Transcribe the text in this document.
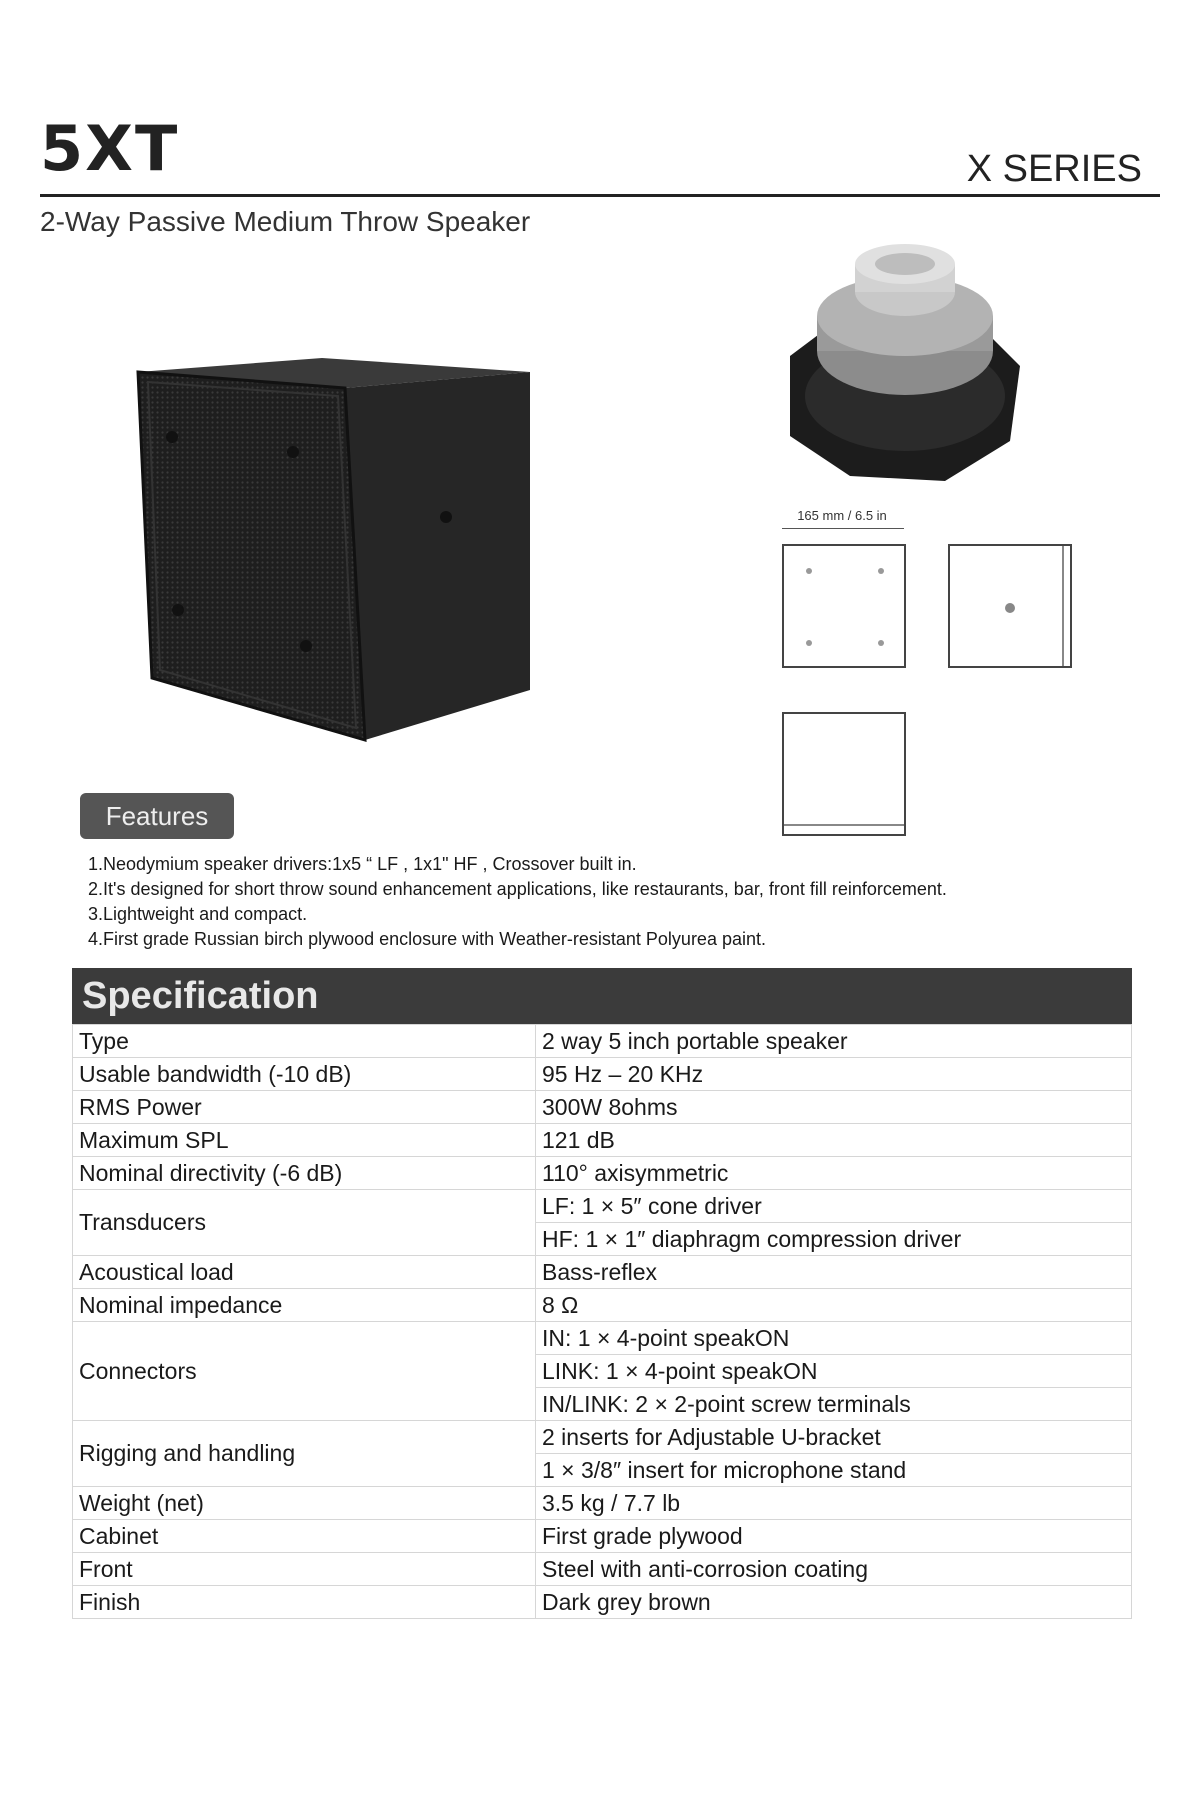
5XT	X SERIES
2-Way Passive Medium Throw Speaker
165 mm / 6.5 in
Features
1.Neodymium speaker drivers:1x5 “ LF , 1x1" HF , Crossover built in.
2.It's designed for short throw sound enhancement applications, like restaurants, bar, front fill reinforcement.
3.Lightweight and compact.
4.First grade Russian birch plywood enclosure with Weather-resistant Polyurea paint.
Specification
Type	2 way 5 inch portable speaker
Usable bandwidth (-10 dB)	95 Hz – 20 KHz
RMS Power	300W 8ohms
Maximum SPL	121 dB
Nominal directivity (-6 dB)	110° axisymmetric
Transducers	LF: 1 × 5″ cone driver
	HF: 1 × 1″ diaphragm compression driver
Acoustical load	Bass-reflex
Nominal impedance	8 Ω
Connectors	IN: 1 × 4-point speakON
	LINK: 1 × 4-point speakON
	IN/LINK: 2 × 2-point screw terminals
Rigging and handling	2 inserts for Adjustable U-bracket
	1 × 3/8″ insert for microphone stand
Weight (net)	3.5 kg / 7.7 lb
Cabinet	First grade plywood
Front	Steel with anti-corrosion coating
Finish	Dark grey brown
